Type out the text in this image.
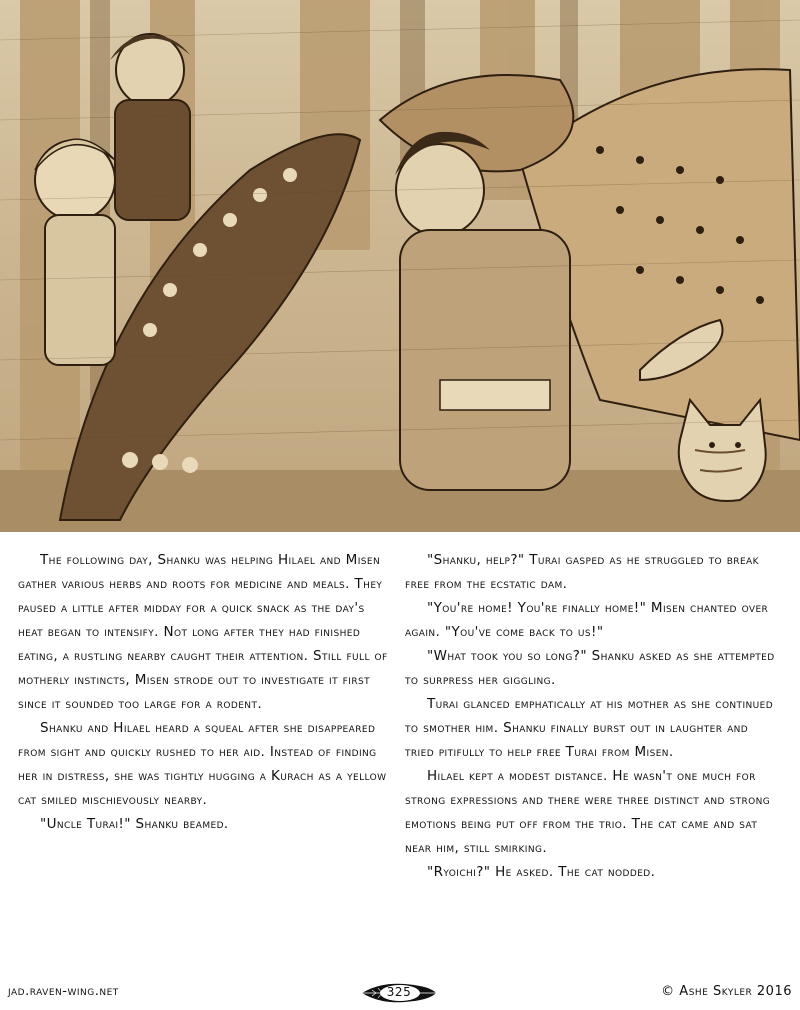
The following day, Shanku was helping Hilael and Misen gather various herbs and roots for medicine and meals. They paused a little after midday for a quick snack as the day's heat began to intensify. Not long after they had finished eating, a rustling nearby caught their attention. Still full of motherly instincts, Misen strode out to investigate it first since it sounded too large for a rodent.

Shanku and Hilael heard a squeal after she disappeared from sight and quickly rushed to her aid. Instead of finding her in distress, she was tightly hugging a Kurach as a yellow cat smiled mischievously nearby.

"Uncle Turai!" Shanku beamed.

"Shanku, help?" Turai gasped as he struggled to break free from the ecstatic dam.

"You're home! You're finally home!" Misen chanted over again. "You've come back to us!"

"What took you so long?" Shanku asked as she attempted to surpress her giggling.

Turai glanced emphatically at his mother as she continued to smother him. Shanku finally burst out in laughter and tried pitifully to help free Turai from Misen.

Hilael kept a modest distance. He wasn't one much for strong expressions and there were three distinct and strong emotions being put off from the trio. The cat came and sat near him, still smirking.

"Ryoichi?" He asked. The cat nodded.

jad.raven-wing.net	325	© Ashe Skyler 2016
